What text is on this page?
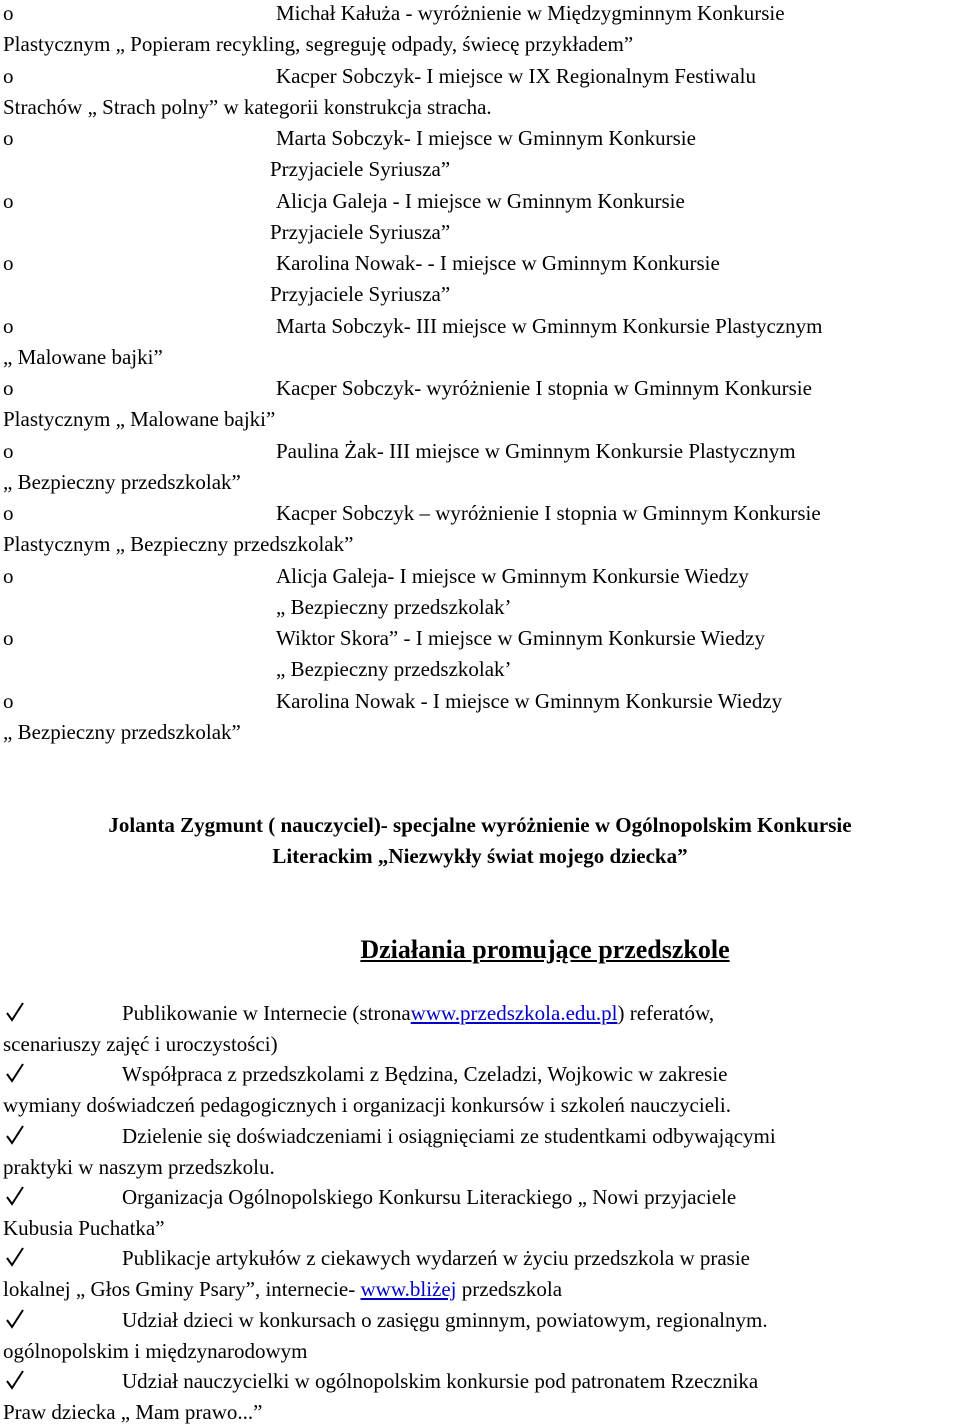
o	Michał Kałuża - wyróżnienie w Międzygminnym Konkursie
Plastycznym „ Popieram recykling, segreguję odpady, świecę przykładem”
o	Kacper Sobczyk- I miejsce w IX Regionalnym Festiwalu
Strachów „ Strach polny” w kategorii konstrukcja stracha.
o	Marta Sobczyk- I miejsce w Gminnym Konkursie
Przyjaciele Syriusza”
o	Alicja Galeja - I miejsce w Gminnym Konkursie
Przyjaciele Syriusza”
o	Karolina Nowak- - I miejsce w Gminnym Konkursie
Przyjaciele Syriusza”
o	Marta Sobczyk- III miejsce w Gminnym Konkursie Plastycznym
„ Malowane bajki”
o	Kacper Sobczyk- wyróżnienie I stopnia w Gminnym Konkursie
Plastycznym „ Malowane bajki”
o	Paulina Żak- III miejsce w Gminnym Konkursie Plastycznym
„ Bezpieczny przedszkolak”
o	Kacper Sobczyk – wyróżnienie I stopnia w Gminnym Konkursie
Plastycznym „ Bezpieczny przedszkolak”
o	Alicja Galeja- I miejsce w Gminnym Konkursie Wiedzy
„ Bezpieczny przedszkolak’
o	Wiktor Skora” - I miejsce w Gminnym Konkursie Wiedzy
„ Bezpieczny przedszkolak’
o	Karolina Nowak - I miejsce w Gminnym Konkursie Wiedzy
„ Bezpieczny przedszkolak”
Jolanta Zygmunt ( nauczyciel)- specjalne wyróżnienie w Ogólnopolskim Konkursie
Literackim „Niezwykły świat mojego dziecka”
Działania promujące przedszkole
Publikowanie w Internecie (stronawww.przedszkola.edu.pl) referatów,
scenariuszy zajęć i uroczystości)
Współpraca z przedszkolami z Będzina, Czeladzi, Wojkowic w zakresie
wymiany doświadczeń pedagogicznych i organizacji konkursów i szkoleń nauczycieli.
Dzielenie się doświadczeniami i osiągnięciami ze studentkami odbywającymi
praktyki w naszym przedszkolu.
Organizacja Ogólnopolskiego Konkursu Literackiego „ Nowi przyjaciele
Kubusia Puchatka”
Publikacje artykułów z ciekawych wydarzeń w życiu przedszkola w prasie
lokalnej „ Głos Gminy Psary”, internecie- www.bliżej przedszkola
Udział dzieci w konkursach o zasięgu gminnym, powiatowym, regionalnym.
ogólnopolskim i międzynarodowym
Udział nauczycielki w ogólnopolskim konkursie pod patronatem Rzecznika
Praw dziecka „ Mam prawo...”
